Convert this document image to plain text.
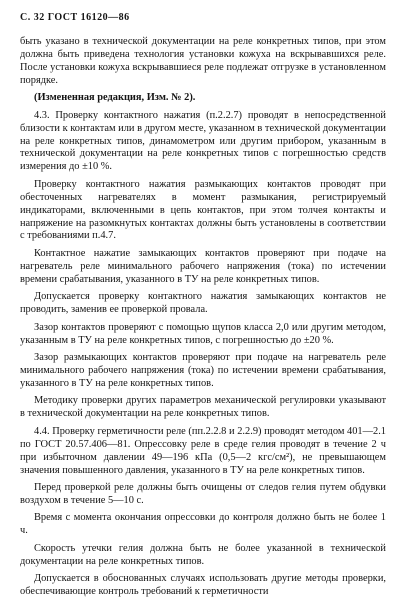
С. 32 ГОСТ 16120—86

быть указано в технической документации на реле конкретных типов, при этом должна быть приведена технология установки кожуха на вскрывавшихся реле. После установки кожуха вскрывавшиеся реле подлежат отгрузке в установленном порядке.

(Измененная редакция, Изм. № 2).

4.3. Проверку контактного нажатия (п.2.2.7) проводят в непосредственной близости к контактам или в другом месте, указанном в технической документации на реле конкретных типов, динамометром или другим прибором, указанным в технической документации на реле конкретных типов с погрешностью средств измерения до ±10 %.

Проверку контактного нажатия размыкающих контактов проводят при обесточенных нагревателях в момент размыкания, регистрируемый индикаторами, включенными в цепь контактов, при этом толчея контакты и напряжение на разомкнутых контактах должны быть установлены в соответствии с требованиями п.4.7.

Контактное нажатие замыкающих контактов проверяют при подаче на нагреватель реле минимального рабочего напряжения (тока) по истечении времени срабатывания, указанного в ТУ на реле конкретных типов.

Допускается проверку контактного нажатия замыкающих контактов не проводить, заменив ее проверкой провала.

Зазор контактов проверяют с помощью щупов класса 2,0 или другим методом, указанным в ТУ на реле конкретных типов, с погрешностью до ±20 %.

Зазор размыкающих контактов проверяют при подаче на нагреватель реле минимального рабочего напряжения (тока) по истечении времени срабатывания, указанного в ТУ на реле конкретных типов.

Методику проверки других параметров механической регулировки указывают в технической документации на реле конкретных типов.

4.4. Проверку герметичности реле (пп.2.2.8 и 2.2.9) проводят методом 401—2.1 по ГОСТ 20.57.406—81. Опрессовку реле в среде гелия проводят в течение 2 ч при избыточном давлении 49—196 кПа (0,5—2 кгс/см²), не превышающем значения повышенного давления, указанного в ТУ на реле конкретных типов.

Перед проверкой реле должны быть очищены от следов гелия путем обдувки воздухом в течение 5—10 с.

Время с момента окончания опрессовки до контроля должно быть не более 1 ч.

Скорость утечки гелия должна быть не более указанной в технической документации на реле конкретных типов.

Допускается в обоснованных случаях использовать другие методы проверки, обеспечивающие контроль требований к герметичности
